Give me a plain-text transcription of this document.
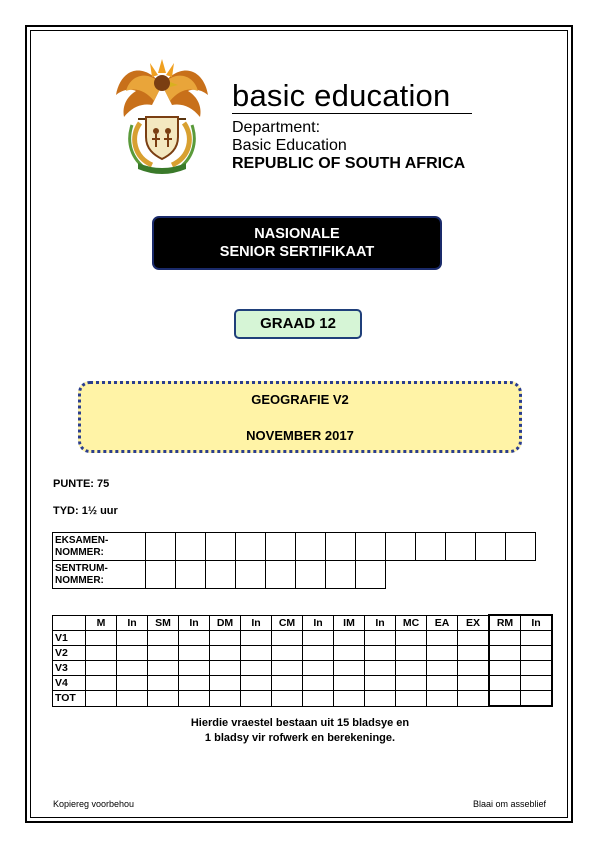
basic education
Department:
Basic Education
REPUBLIC OF SOUTH AFRICA
NASIONALE
SENIOR SERTIFIKAAT
GRAAD 12
GEOGRAFIE V2
NOVEMBER 2017
PUNTE: 75
TYD: 1½ uur
EKSAMEN-
NOMMER:													
SENTRUM-
NOMMER:													
	M	In	SM	In	DM	In	CM	In	IM	In	MC	EA	EX	RM	In
V1															
V2															
V3															
V4															
TOT															
Hierdie vraestel bestaan uit 15 bladsye en
1 bladsy vir rofwerk en berekeninge.
Kopiereg voorbehou	Blaai om asseblief
